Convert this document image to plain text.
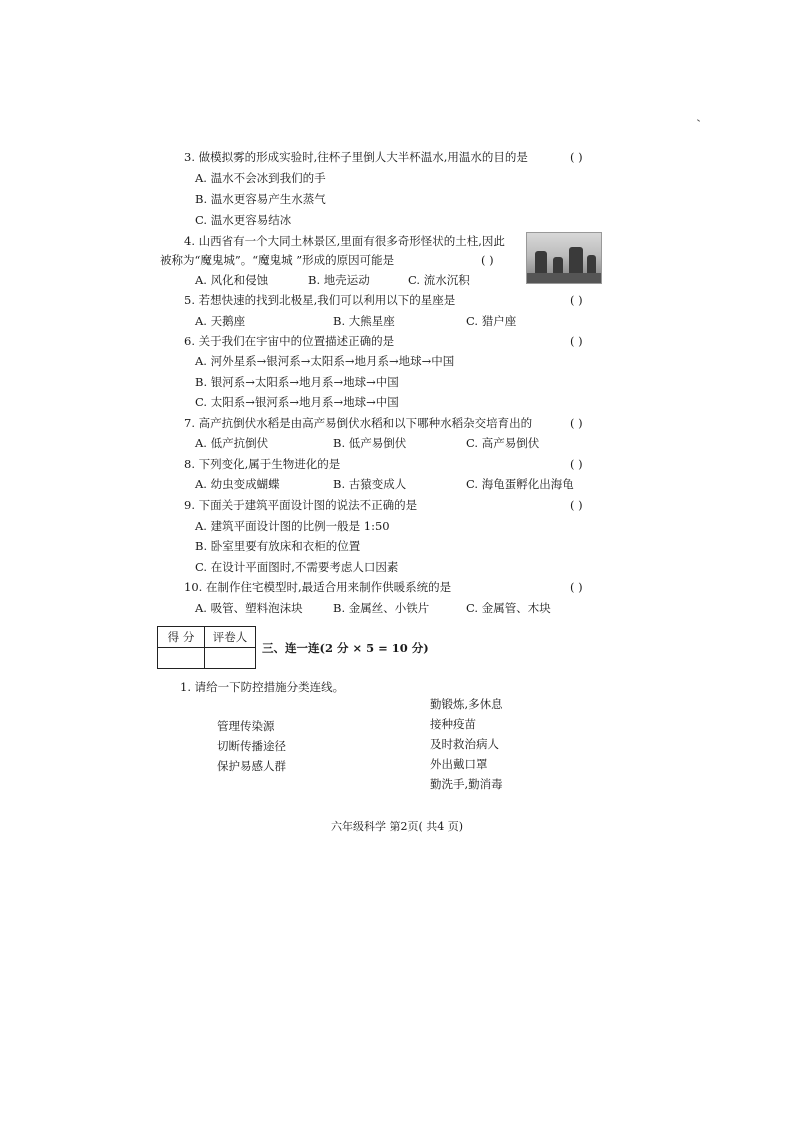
3. 做模拟雾的形成实验时,往杯子里倒人大半杯温水,用温水的目的是	( )
A. 温水不会冰到我们的手
B. 温水更容易产生水蒸气
C. 温水更容易结冰
4. 山西省有一个大同土林景区,里面有很多奇形怪状的土柱,因此
被称为“魔鬼城”。“魔鬼城 ”形成的原因可能是	( )
A. 风化和侵蚀	B. 地壳运动	C. 流水沉积
5. 若想快速的找到北极星,我们可以利用以下的星座是	( )
A. 天鹅座	B. 大熊星座	C. 猎户座
6. 关于我们在宇宙中的位置描述正确的是	( )
A. 河外星系→银河系→太阳系→地月系→地球→中国
B. 银河系→太阳系→地月系→地球→中国
C. 太阳系→银河系→地月系→地球→中国
7. 高产抗倒伏水稻是由高产易倒伏水稻和以下哪种水稻杂交培育出的	( )
A. 低产抗倒伏	B. 低产易倒伏	C. 高产易倒伏
8. 下列变化,属于生物进化的是	( )
A. 幼虫变成蝴蝶	B. 古猿变成人	C. 海龟蛋孵化出海龟
9. 下面关于建筑平面设计图的说法不正确的是	( )
A. 建筑平面设计图的比例一般是 1:50
B. 卧室里要有放床和衣柜的位置
C. 在设计平面图时,不需要考虑人口因素
10. 在制作住宅模型时,最适合用来制作供暖系统的是	( )
A. 吸管、塑料泡沫块	B. 金属丝、小铁片	C. 金属管、木块
得 分	评卷人

三、连一连(2 分 × 5 = 10 分)
1. 请给一下防控措施分类连线。
管理传染源
切断传播途径
保护易感人群
勤锻炼,多休息
接种疫苗
及时救治病人
外出戴口罩
勤洗手,勤消毒
六年级科学 第2页( 共4 页)
